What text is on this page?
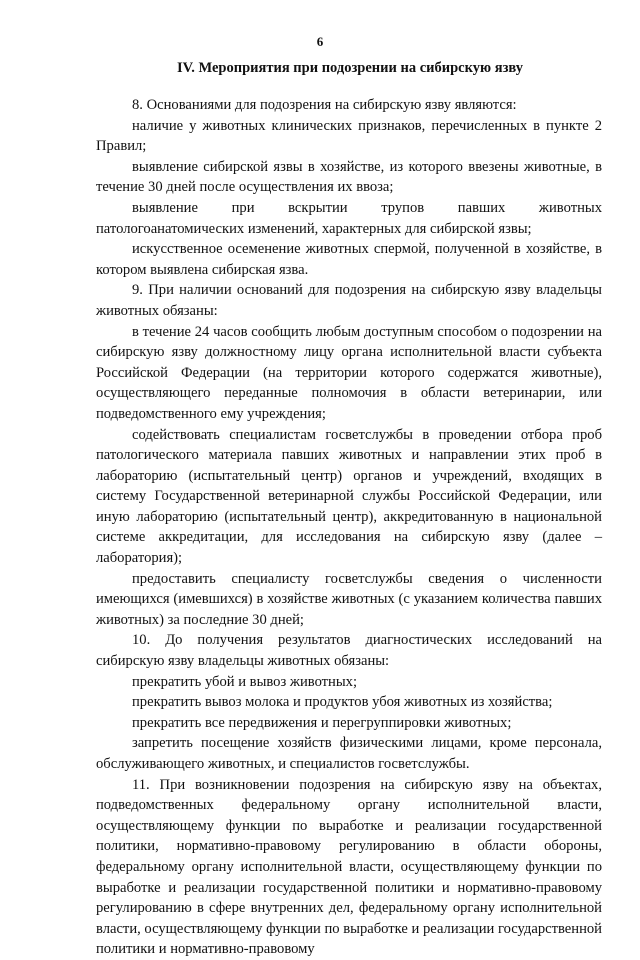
6
IV. Мероприятия при подозрении на сибирскую язву

8. Основаниями для подозрения на сибирскую язву являются:

наличие у животных клинических признаков, перечисленных в пункте 2 Правил;

выявление сибирской язвы в хозяйстве, из которого ввезены животные, в течение 30 дней после осуществления их ввоза;

выявление при вскрытии трупов павших животных патологоанатомических изменений, характерных для сибирской язвы;

искусственное осеменение животных спермой, полученной в хозяйстве, в котором выявлена сибирская язва.

9. При наличии оснований для подозрения на сибирскую язву владельцы животных обязаны:

в течение 24 часов сообщить любым доступным способом о подозрении на сибирскую язву должностному лицу органа исполнительной власти субъекта Российской Федерации (на территории которого содержатся животные), осуществляющего переданные полномочия в области ветеринарии, или подведомственного ему учреждения;

содействовать специалистам госветслужбы в проведении отбора проб патологического материала павших животных и направлении этих проб в лабораторию (испытательный центр) органов и учреждений, входящих в систему Государственной ветеринарной службы Российской Федерации, или иную лабораторию (испытательный центр), аккредитованную в национальной системе аккредитации, для исследования на сибирскую язву (далее – лаборатория);

предоставить специалисту госветслужбы сведения о численности имеющихся (имевшихся) в хозяйстве животных (с указанием количества павших животных) за последние 30 дней;

10. До получения результатов диагностических исследований на сибирскую язву владельцы животных обязаны:

прекратить убой и вывоз животных;

прекратить вывоз молока и продуктов убоя животных из хозяйства;

прекратить все передвижения и перегруппировки животных;

запретить посещение хозяйств физическими лицами, кроме персонала, обслуживающего животных, и специалистов госветслужбы.

11. При возникновении подозрения на сибирскую язву на объектах, подведомственных федеральному органу исполнительной власти, осуществляющему функции по выработке и реализации государственной политики, нормативно-правовому регулированию в области обороны, федеральному органу исполнительной власти, осуществляющему функции по выработке и реализации государственной политики и нормативно-правовому регулированию в сфере внутренних дел, федеральному органу исполнительной власти, осуществляющему функции по выработке и реализации государственной политики и нормативно-правовому
